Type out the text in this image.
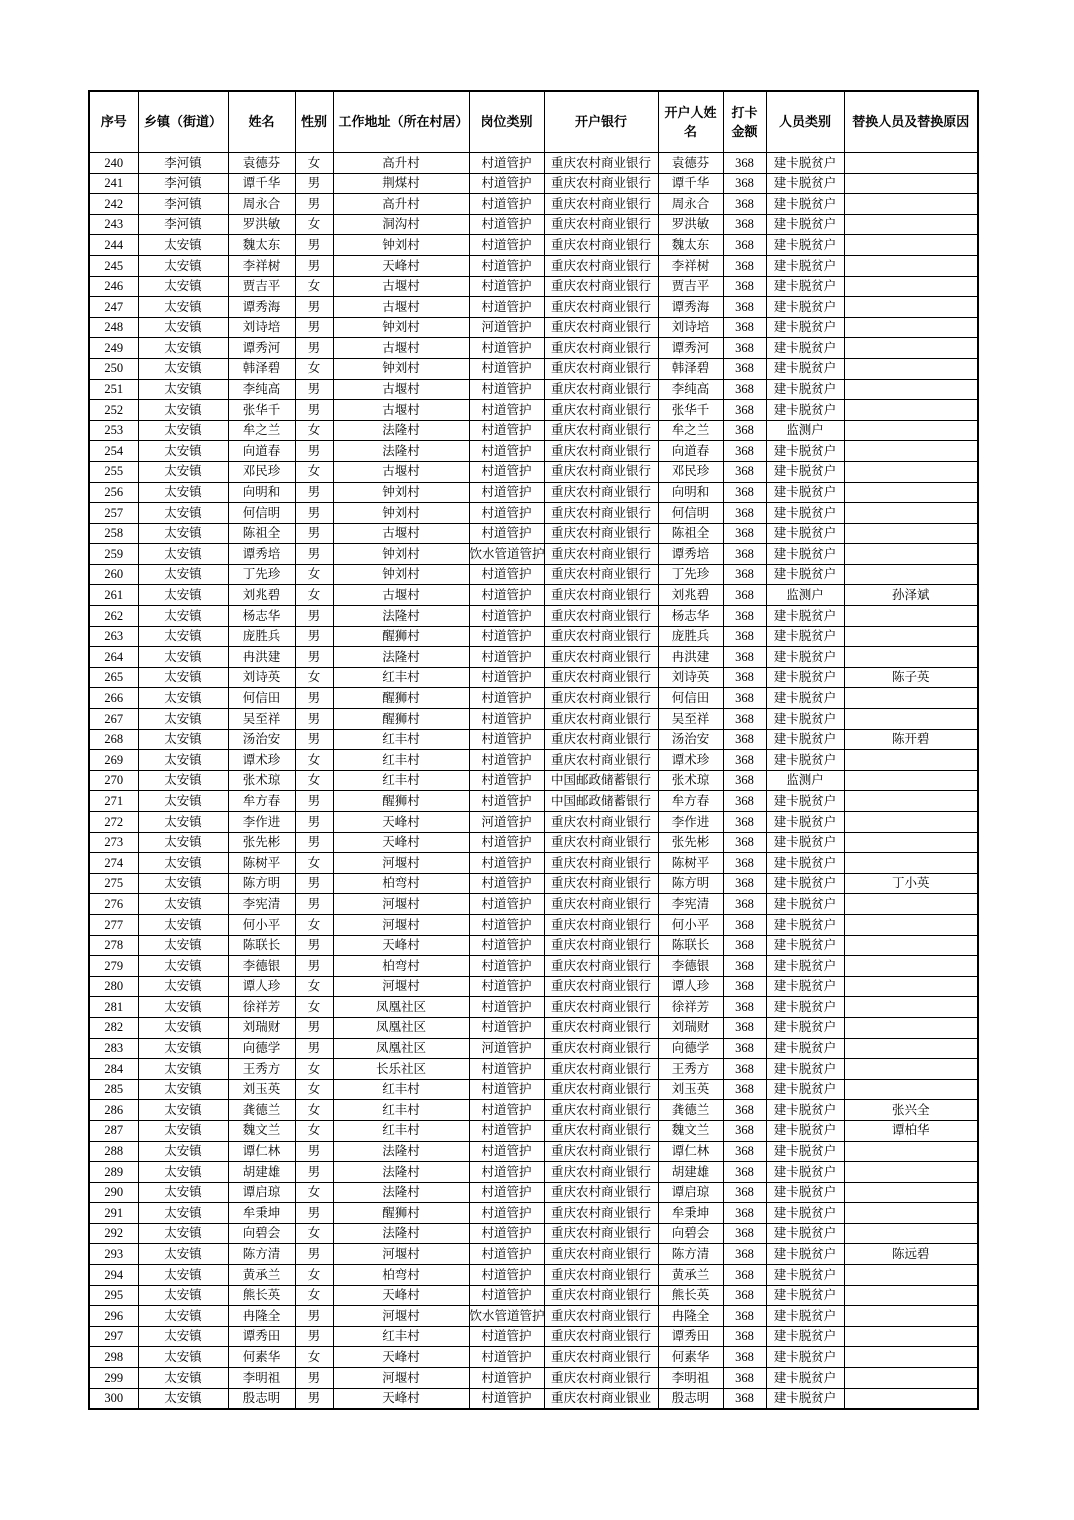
序号	乡镇（街道）	姓名	性别	工作地址（所在村居）	岗位类别	开户银行	开户人姓名	打卡金额	人员类别	替换人员及替换原因
240	李河镇	袁德芬	女	高升村	村道管护	重庆农村商业银行	袁德芬	368	建卡脱贫户	
241	李河镇	谭千华	男	荆煤村	村道管护	重庆农村商业银行	谭千华	368	建卡脱贫户	
242	李河镇	周永合	男	高升村	村道管护	重庆农村商业银行	周永合	368	建卡脱贫户	
243	李河镇	罗洪敏	女	洞沟村	村道管护	重庆农村商业银行	罗洪敏	368	建卡脱贫户	
244	太安镇	魏太东	男	钟刘村	村道管护	重庆农村商业银行	魏太东	368	建卡脱贫户	
245	太安镇	李祥树	男	天峰村	村道管护	重庆农村商业银行	李祥树	368	建卡脱贫户	
246	太安镇	贾吉平	女	古堰村	村道管护	重庆农村商业银行	贾吉平	368	建卡脱贫户	
247	太安镇	谭秀海	男	古堰村	村道管护	重庆农村商业银行	谭秀海	368	建卡脱贫户	
248	太安镇	刘诗培	男	钟刘村	河道管护	重庆农村商业银行	刘诗培	368	建卡脱贫户	
249	太安镇	谭秀河	男	古堰村	村道管护	重庆农村商业银行	谭秀河	368	建卡脱贫户	
250	太安镇	韩泽碧	女	钟刘村	村道管护	重庆农村商业银行	韩泽碧	368	建卡脱贫户	
251	太安镇	李纯高	男	古堰村	村道管护	重庆农村商业银行	李纯高	368	建卡脱贫户	
252	太安镇	张华千	男	古堰村	村道管护	重庆农村商业银行	张华千	368	建卡脱贫户	
253	太安镇	牟之兰	女	法隆村	村道管护	重庆农村商业银行	牟之兰	368	监测户	
254	太安镇	向道春	男	法隆村	村道管护	重庆农村商业银行	向道春	368	建卡脱贫户	
255	太安镇	邓民珍	女	古堰村	村道管护	重庆农村商业银行	邓民珍	368	建卡脱贫户	
256	太安镇	向明和	男	钟刘村	村道管护	重庆农村商业银行	向明和	368	建卡脱贫户	
257	太安镇	何信明	男	钟刘村	村道管护	重庆农村商业银行	何信明	368	建卡脱贫户	
258	太安镇	陈祖全	男	古堰村	村道管护	重庆农村商业银行	陈祖全	368	建卡脱贫户	
259	太安镇	谭秀培	男	钟刘村	饮水管道管护	重庆农村商业银行	谭秀培	368	建卡脱贫户	
260	太安镇	丁先珍	女	钟刘村	村道管护	重庆农村商业银行	丁先珍	368	建卡脱贫户	
261	太安镇	刘兆碧	女	古堰村	村道管护	重庆农村商业银行	刘兆碧	368	监测户	孙泽斌
262	太安镇	杨志华	男	法隆村	村道管护	重庆农村商业银行	杨志华	368	建卡脱贫户	
263	太安镇	庞胜兵	男	醒狮村	村道管护	重庆农村商业银行	庞胜兵	368	建卡脱贫户	
264	太安镇	冉洪建	男	法隆村	村道管护	重庆农村商业银行	冉洪建	368	建卡脱贫户	
265	太安镇	刘诗英	女	红丰村	村道管护	重庆农村商业银行	刘诗英	368	建卡脱贫户	陈子英
266	太安镇	何信田	男	醒狮村	村道管护	重庆农村商业银行	何信田	368	建卡脱贫户	
267	太安镇	吴至祥	男	醒狮村	村道管护	重庆农村商业银行	吴至祥	368	建卡脱贫户	
268	太安镇	汤治安	男	红丰村	村道管护	重庆农村商业银行	汤治安	368	建卡脱贫户	陈开碧
269	太安镇	谭术珍	女	红丰村	村道管护	重庆农村商业银行	谭术珍	368	建卡脱贫户	
270	太安镇	张术琼	女	红丰村	村道管护	中国邮政储蓄银行	张术琼	368	监测户	
271	太安镇	牟方春	男	醒狮村	村道管护	中国邮政储蓄银行	牟方春	368	建卡脱贫户	
272	太安镇	李作进	男	天峰村	河道管护	重庆农村商业银行	李作进	368	建卡脱贫户	
273	太安镇	张先彬	男	天峰村	村道管护	重庆农村商业银行	张先彬	368	建卡脱贫户	
274	太安镇	陈树平	女	河堰村	村道管护	重庆农村商业银行	陈树平	368	建卡脱贫户	
275	太安镇	陈方明	男	柏弯村	村道管护	重庆农村商业银行	陈方明	368	建卡脱贫户	丁小英
276	太安镇	李宪清	男	河堰村	村道管护	重庆农村商业银行	李宪清	368	建卡脱贫户	
277	太安镇	何小平	女	河堰村	村道管护	重庆农村商业银行	何小平	368	建卡脱贫户	
278	太安镇	陈联长	男	天峰村	村道管护	重庆农村商业银行	陈联长	368	建卡脱贫户	
279	太安镇	李德银	男	柏弯村	村道管护	重庆农村商业银行	李德银	368	建卡脱贫户	
280	太安镇	谭人珍	女	河堰村	村道管护	重庆农村商业银行	谭人珍	368	建卡脱贫户	
281	太安镇	徐祥芳	女	凤凰社区	村道管护	重庆农村商业银行	徐祥芳	368	建卡脱贫户	
282	太安镇	刘瑞财	男	凤凰社区	村道管护	重庆农村商业银行	刘瑞财	368	建卡脱贫户	
283	太安镇	向德学	男	凤凰社区	河道管护	重庆农村商业银行	向德学	368	建卡脱贫户	
284	太安镇	王秀方	女	长乐社区	村道管护	重庆农村商业银行	王秀方	368	建卡脱贫户	
285	太安镇	刘玉英	女	红丰村	村道管护	重庆农村商业银行	刘玉英	368	建卡脱贫户	
286	太安镇	龚德兰	女	红丰村	村道管护	重庆农村商业银行	龚德兰	368	建卡脱贫户	张兴全
287	太安镇	魏文兰	女	红丰村	村道管护	重庆农村商业银行	魏文兰	368	建卡脱贫户	谭柏华
288	太安镇	谭仁林	男	法隆村	村道管护	重庆农村商业银行	谭仁林	368	建卡脱贫户	
289	太安镇	胡建雄	男	法隆村	村道管护	重庆农村商业银行	胡建雄	368	建卡脱贫户	
290	太安镇	谭启琼	女	法隆村	村道管护	重庆农村商业银行	谭启琼	368	建卡脱贫户	
291	太安镇	牟秉坤	男	醒狮村	村道管护	重庆农村商业银行	牟秉坤	368	建卡脱贫户	
292	太安镇	向碧会	女	法隆村	村道管护	重庆农村商业银行	向碧会	368	建卡脱贫户	
293	太安镇	陈方清	男	河堰村	村道管护	重庆农村商业银行	陈方清	368	建卡脱贫户	陈远碧
294	太安镇	黄承兰	女	柏弯村	村道管护	重庆农村商业银行	黄承兰	368	建卡脱贫户	
295	太安镇	熊长英	女	天峰村	村道管护	重庆农村商业银行	熊长英	368	建卡脱贫户	
296	太安镇	冉隆全	男	河堰村	饮水管道管护	重庆农村商业银行	冉隆全	368	建卡脱贫户	
297	太安镇	谭秀田	男	红丰村	村道管护	重庆农村商业银行	谭秀田	368	建卡脱贫户	
298	太安镇	何素华	女	天峰村	村道管护	重庆农村商业银行	何素华	368	建卡脱贫户	
299	太安镇	李明祖	男	河堰村	村道管护	重庆农村商业银行	李明祖	368	建卡脱贫户	
300	太安镇	殷志明	男	天峰村	村道管护	重庆农村商业银业	殷志明	368	建卡脱贫户	
